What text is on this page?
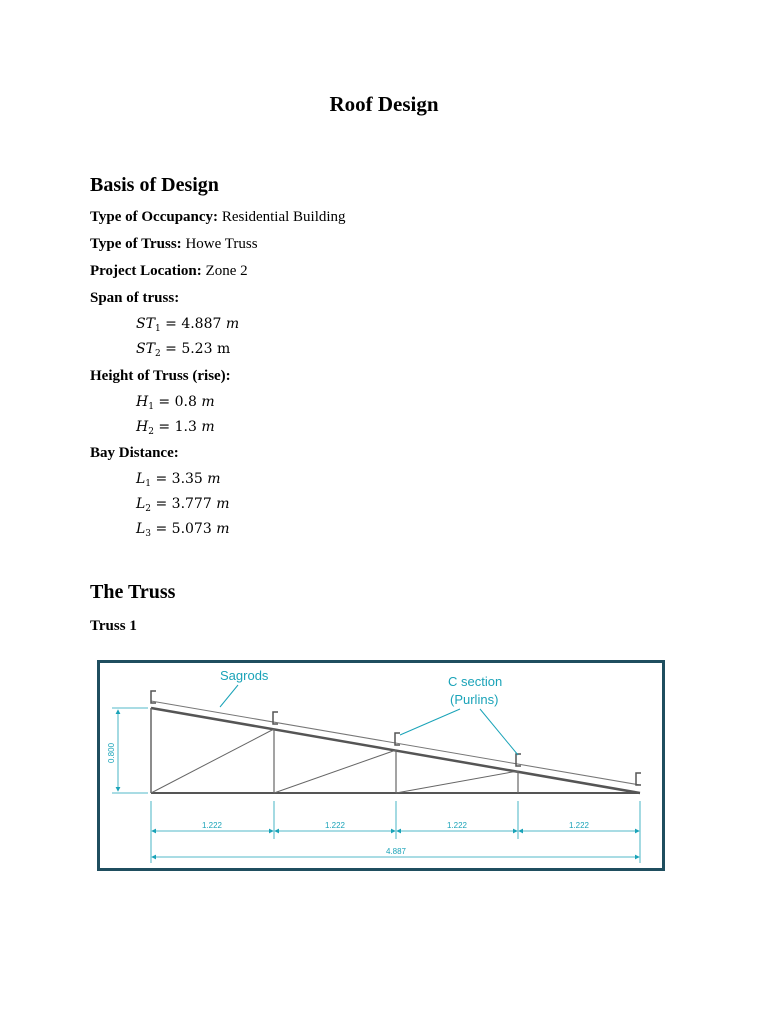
Roof Design
Basis of Design
Type of Occupancy: Residential Building
Type of Truss: Howe Truss
Project Location: Zone 2
Span of truss:
$ST_1 = 4.887$ m
$ST_2 = 5.23$ m
Height of Truss (rise):
$H_1 = 0.8$ m
$H_2 = 1.3$ m
Bay Distance:
$L_1 = 3.35$ m
$L_2 = 3.777$ m
$L_3 = 5.073$ m
The Truss
Truss 1
Sagrods	C section
(Purlins)
0.800
1.222	1.222	1.222	1.222
4.887
